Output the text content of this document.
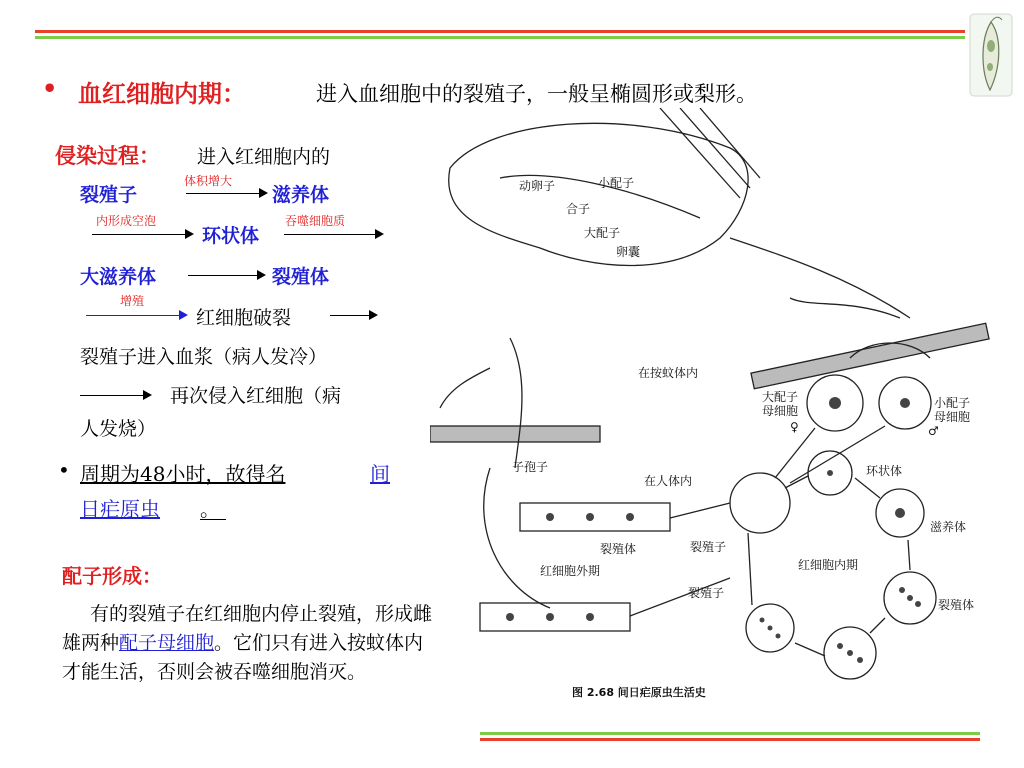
• 血红细胞内期：	进入血细胞中的裂殖子，一般呈椭圆形或梨形。
侵染过程： 进入红细胞内的
体积增大
裂殖子	滋养体
内形成空泡
环状体
吞噬细胞质
大滋养体	裂殖体
增殖
红细胞破裂
裂殖子进入血浆（病人发冷）
再次侵入红细胞（病
人发烧）
• 周期为48小时，故得名	间
日疟原虫 。
配子形成：
有的裂殖子在红细胞内停止裂殖，形成雌雄两种配子母细胞。它们只有进入按蚊体内才能生活，否则会被吞噬细胞消灭。
动卵子	小配子
合子
大配子
卵囊
在按蚊体内
大配子母细胞
♀
小配子母细胞
♂
子孢子
在人体内
环状体
滋养体
裂殖体
裂殖体	裂殖子
裂殖子
红细胞外期	红细胞内期
图 2.68 间日疟原虫生活史
